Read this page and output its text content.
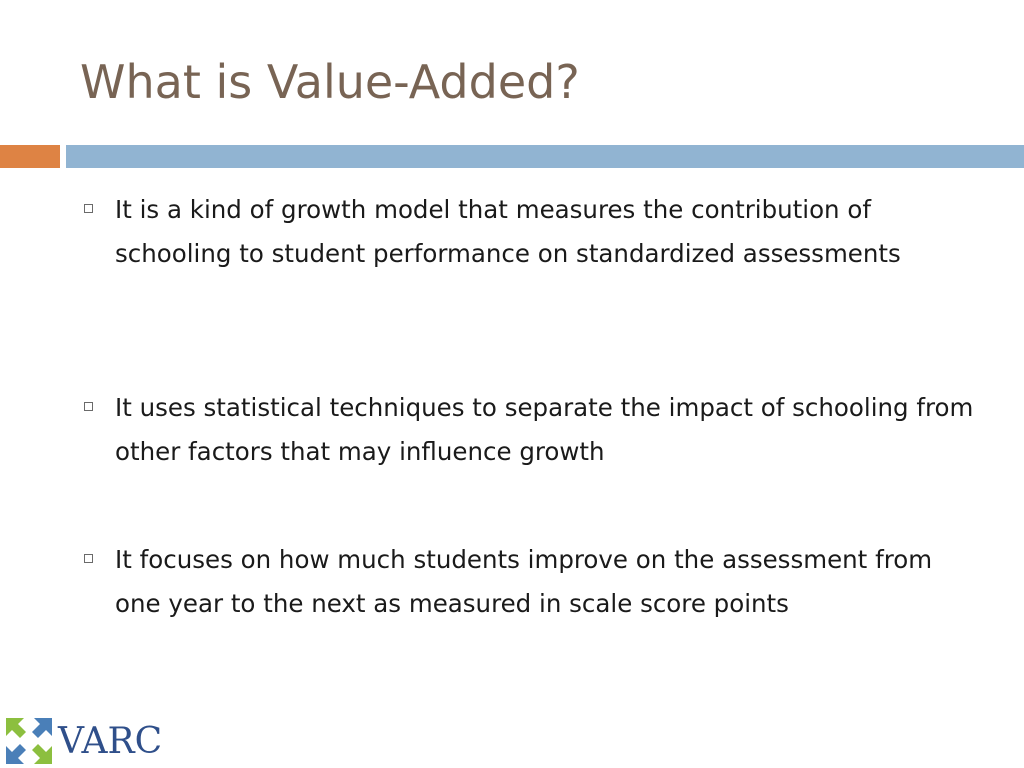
What is Value-Added?

It is a kind of growth model that measures the contribution of schooling to student performance on standardized assessments

It uses statistical techniques to separate the impact of schooling from other factors that may influence growth

It focuses on how much students improve on the assessment from one year to the next as measured in scale score points

VARC
